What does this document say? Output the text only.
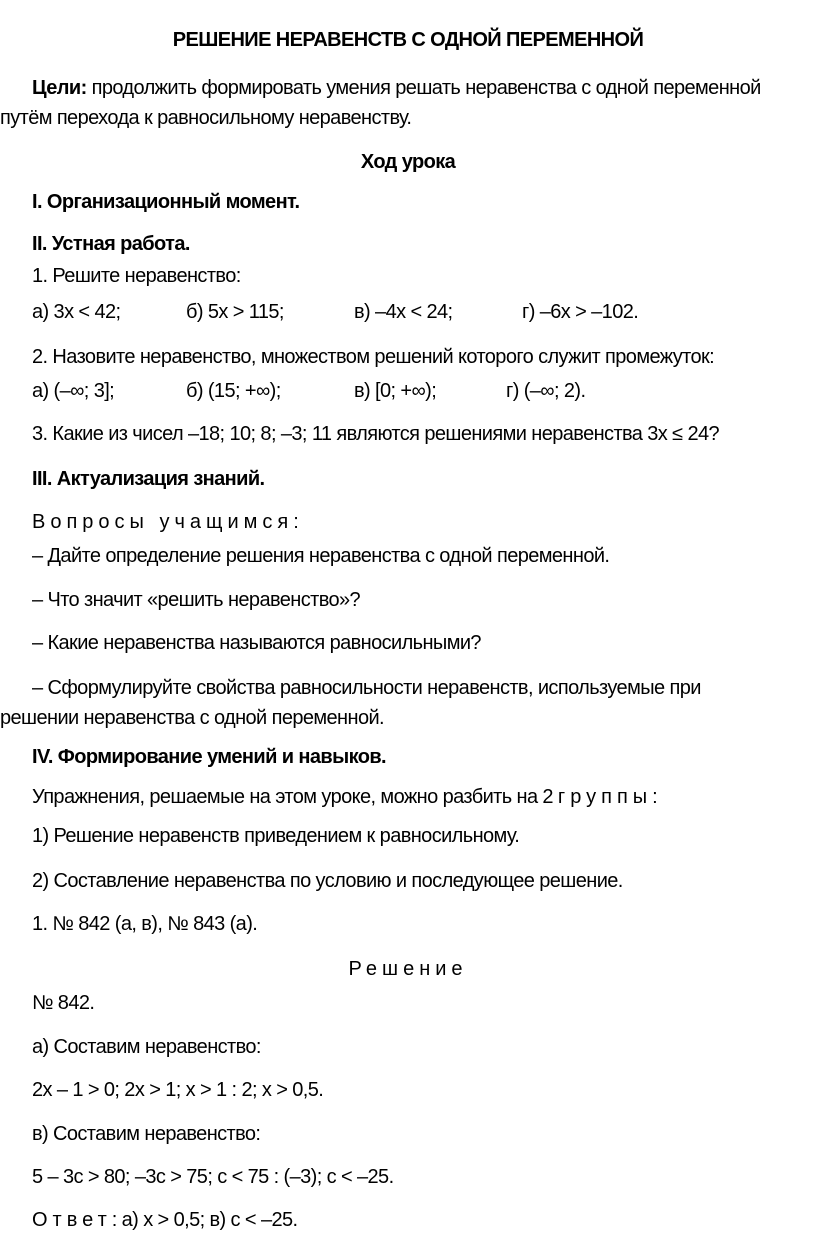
РЕШЕНИЕ НЕРАВЕНСТВ С ОДНОЙ ПЕРЕМЕННОЙ
Цели: продолжить формировать умения решать неравенства с одной переменной
путём перехода к равносильному неравенству.
Ход урока
I. Организационный момент.
II. Устная работа.
1. Решите неравенство:
а) 3x < 42;	б) 5x > 115;	в) –4x < 24;	г) –6x > –102.
2. Назовите неравенство, множеством решений которого служит промежуток:
а) (–∞; 3];	б) (15; +∞);	в) [0; +∞);	г) (–∞; 2).
3. Какие из чисел –18; 10; 8; –3; 11 являются решениями неравенства 3x ≤ 24?
III. Актуализация знаний.
Вопросы учащимся:
– Дайте определение решения неравенства с одной переменной.
– Что значит «решить неравенство»?
– Какие неравенства называются равносильными?
– Сформулируйте свойства равносильности неравенств, используемые при
решении неравенства с одной переменной.
IV. Формирование умений и навыков.
Упражнения, решаемые на этом уроке, можно разбить на 2 группы:
1) Решение неравенств приведением к равносильному.
2) Составление неравенства по условию и последующее решение.
1. № 842 (а, в), № 843 (а).
Решение
№ 842.
а) Составим неравенство:
2x – 1 > 0; 2x > 1; x > 1 : 2; x > 0,5.
в) Составим неравенство:
5 – 3c > 80; –3c > 75; c < 75 : (–3); c < –25.
Ответ: а) x > 0,5; в) c < –25.
